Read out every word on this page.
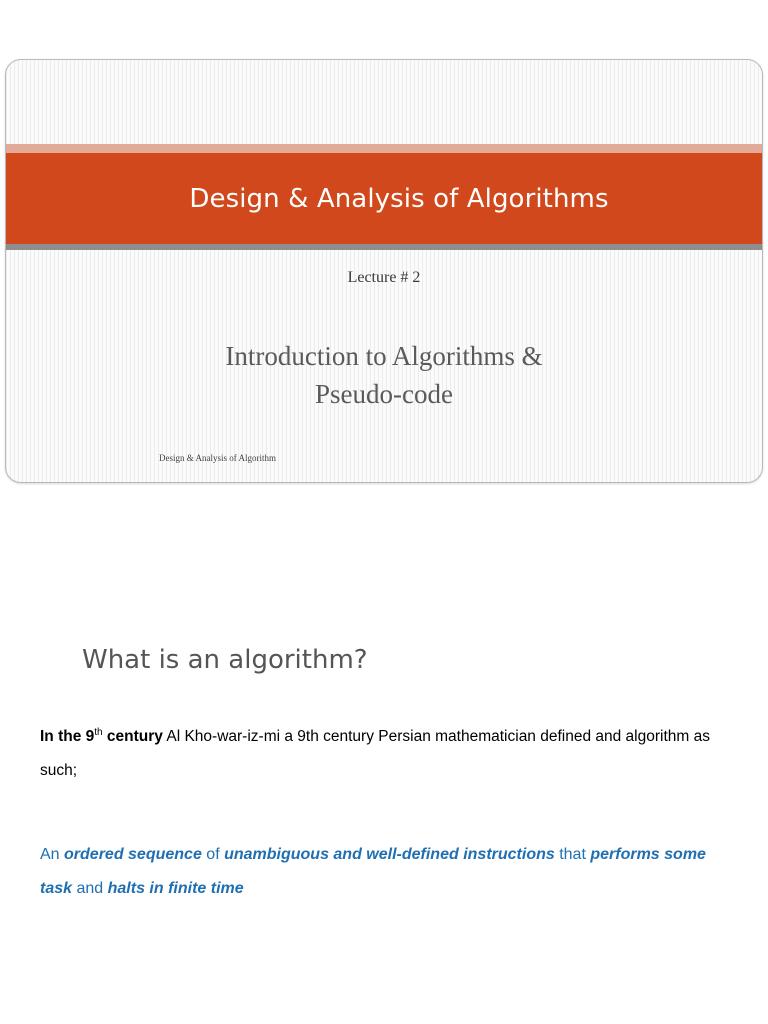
Design & Analysis of Algorithms
Lecture # 2
Introduction to Algorithms &
Pseudo-code
Design & Analysis of Algorithm
What is an algorithm?
In the 9th century Al Kho-war-iz-mi a 9th century Persian mathematician defined and algorithm as such;
An ordered sequence of unambiguous and well-defined instructions that performs some task and halts in finite time
